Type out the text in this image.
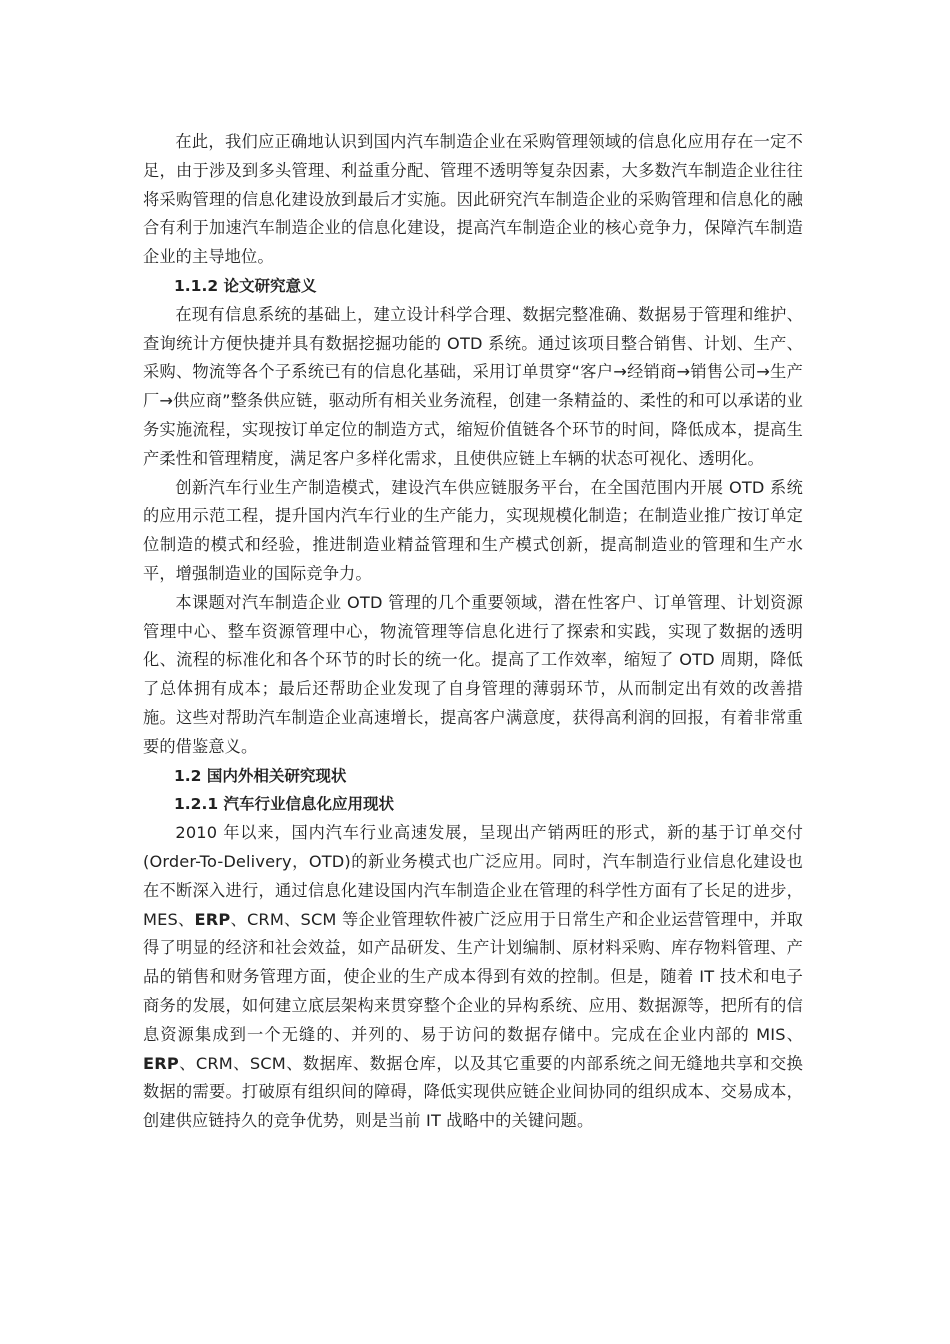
在此，我们应正确地认识到国内汽车制造企业在采购管理领域的信息化应用存在一定不足，由于涉及到多头管理、利益重分配、管理不透明等复杂因素，大多数汽车制造企业往往将采购管理的信息化建设放到最后才实施。因此研究汽车制造企业的采购管理和信息化的融合有利于加速汽车制造企业的信息化建设，提高汽车制造企业的核心竞争力，保障汽车制造企业的主导地位。

1.1.2 论文研究意义

在现有信息系统的基础上，建立设计科学合理、数据完整准确、数据易于管理和维护、查询统计方便快捷并具有数据挖掘功能的 OTD 系统。通过该项目整合销售、计划、生产、采购、物流等各个子系统已有的信息化基础，采用订单贯穿“客户→经销商→销售公司→生产厂→供应商”整条供应链，驱动所有相关业务流程，创建一条精益的、柔性的和可以承诺的业务实施流程，实现按订单定位的制造方式，缩短价值链各个环节的时间，降低成本，提高生产柔性和管理精度，满足客户多样化需求，且使供应链上车辆的状态可视化、透明化。

创新汽车行业生产制造模式，建设汽车供应链服务平台，在全国范围内开展 OTD 系统的应用示范工程，提升国内汽车行业的生产能力，实现规模化制造；在制造业推广按订单定位制造的模式和经验，推进制造业精益管理和生产模式创新，提高制造业的管理和生产水平，增强制造业的国际竞争力。

本课题对汽车制造企业 OTD 管理的几个重要领域，潜在性客户、订单管理、计划资源管理中心、整车资源管理中心，物流管理等信息化进行了探索和实践，实现了数据的透明化、流程的标准化和各个环节的时长的统一化。提高了工作效率，缩短了 OTD 周期，降低了总体拥有成本；最后还帮助企业发现了自身管理的薄弱环节，从而制定出有效的改善措施。这些对帮助汽车制造企业高速增长，提高客户满意度，获得高利润的回报，有着非常重要的借鉴意义。

1.2 国内外相关研究现状

1.2.1 汽车行业信息化应用现状

2010 年以来，国内汽车行业高速发展，呈现出产销两旺的形式，新的基于订单交付(Order-To-Delivery，OTD)的新业务模式也广泛应用。同时，汽车制造行业信息化建设也在不断深入进行，通过信息化建设国内汽车制造企业在管理的科学性方面有了长足的进步，MES、ERP、CRM、SCM 等企业管理软件被广泛应用于日常生产和企业运营管理中，并取得了明显的经济和社会效益，如产品研发、生产计划编制、原材料采购、库存物料管理、产品的销售和财务管理方面，使企业的生产成本得到有效的控制。但是，随着 IT 技术和电子商务的发展，如何建立底层架构来贯穿整个企业的异构系统、应用、数据源等，把所有的信息资源集成到一个无缝的、并列的、易于访问的数据存储中。完成在企业内部的 MIS、ERP、CRM、SCM、数据库、数据仓库，以及其它重要的内部系统之间无缝地共享和交换数据的需要。打破原有组织间的障碍，降低实现供应链企业间协同的组织成本、交易成本，创建供应链持久的竞争优势，则是当前 IT 战略中的关键问题。
